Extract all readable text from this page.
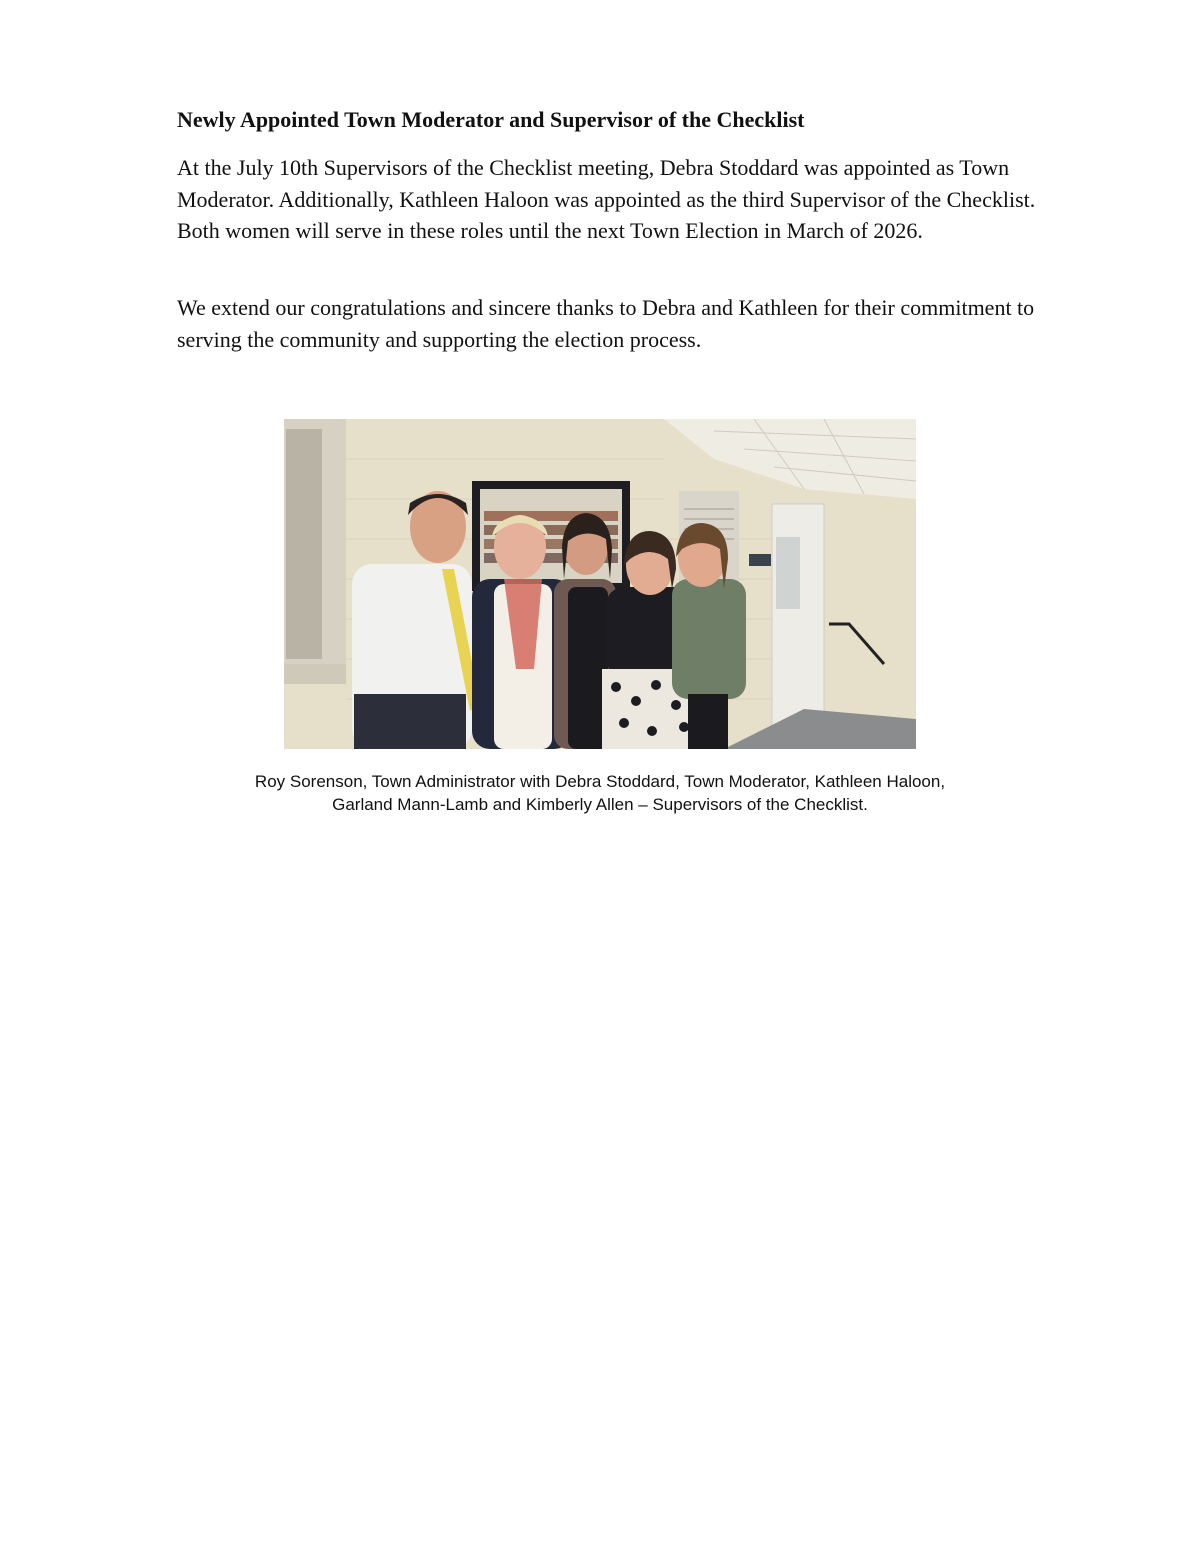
Newly Appointed Town Moderator and Supervisor of the Checklist

At the July 10th Supervisors of the Checklist meeting, Debra Stoddard was appointed as Town Moderator. Additionally, Kathleen Haloon was appointed as the third Supervisor of the Checklist. Both women will serve in these roles until the next Town Election in March of 2026.

We extend our congratulations and sincere thanks to Debra and Kathleen for their commitment to serving the community and supporting the election process.

Roy Sorenson, Town Administrator with Debra Stoddard, Town Moderator, Kathleen Haloon,
Garland Mann-Lamb and Kimberly Allen – Supervisors of the Checklist.
